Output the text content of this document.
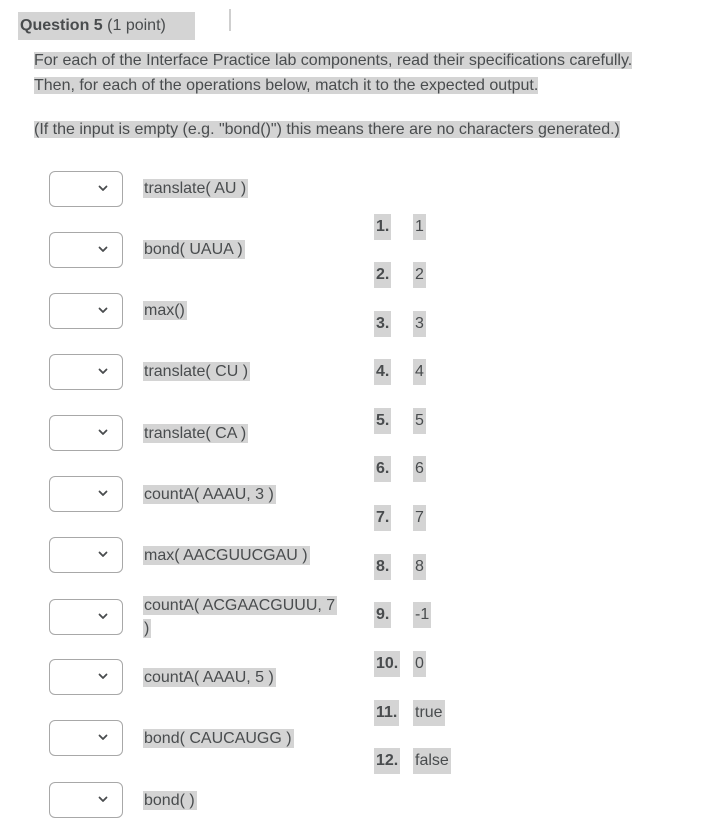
Question 5 (1 point)
For each of the Interface Practice lab components, read their specifications carefully.
Then, for each of the operations below, match it to the expected output.
(If the input is empty (e.g. "bond()") this means there are no characters generated.)
translate( AU )
bond( UAUA )
max()
translate( CU )
translate( CA )
countA( AAAU, 3 )
max( AACGUUCGAU )
countA( ACGAACGUUU, 7
)
countA( AAAU, 5 )
bond( CAUCAUGG )
bond( )
1. 1
2. 2
3. 3
4. 4
5. 5
6. 6
7. 7
8. 8
9. -1
10. 0
11. true
12. false
